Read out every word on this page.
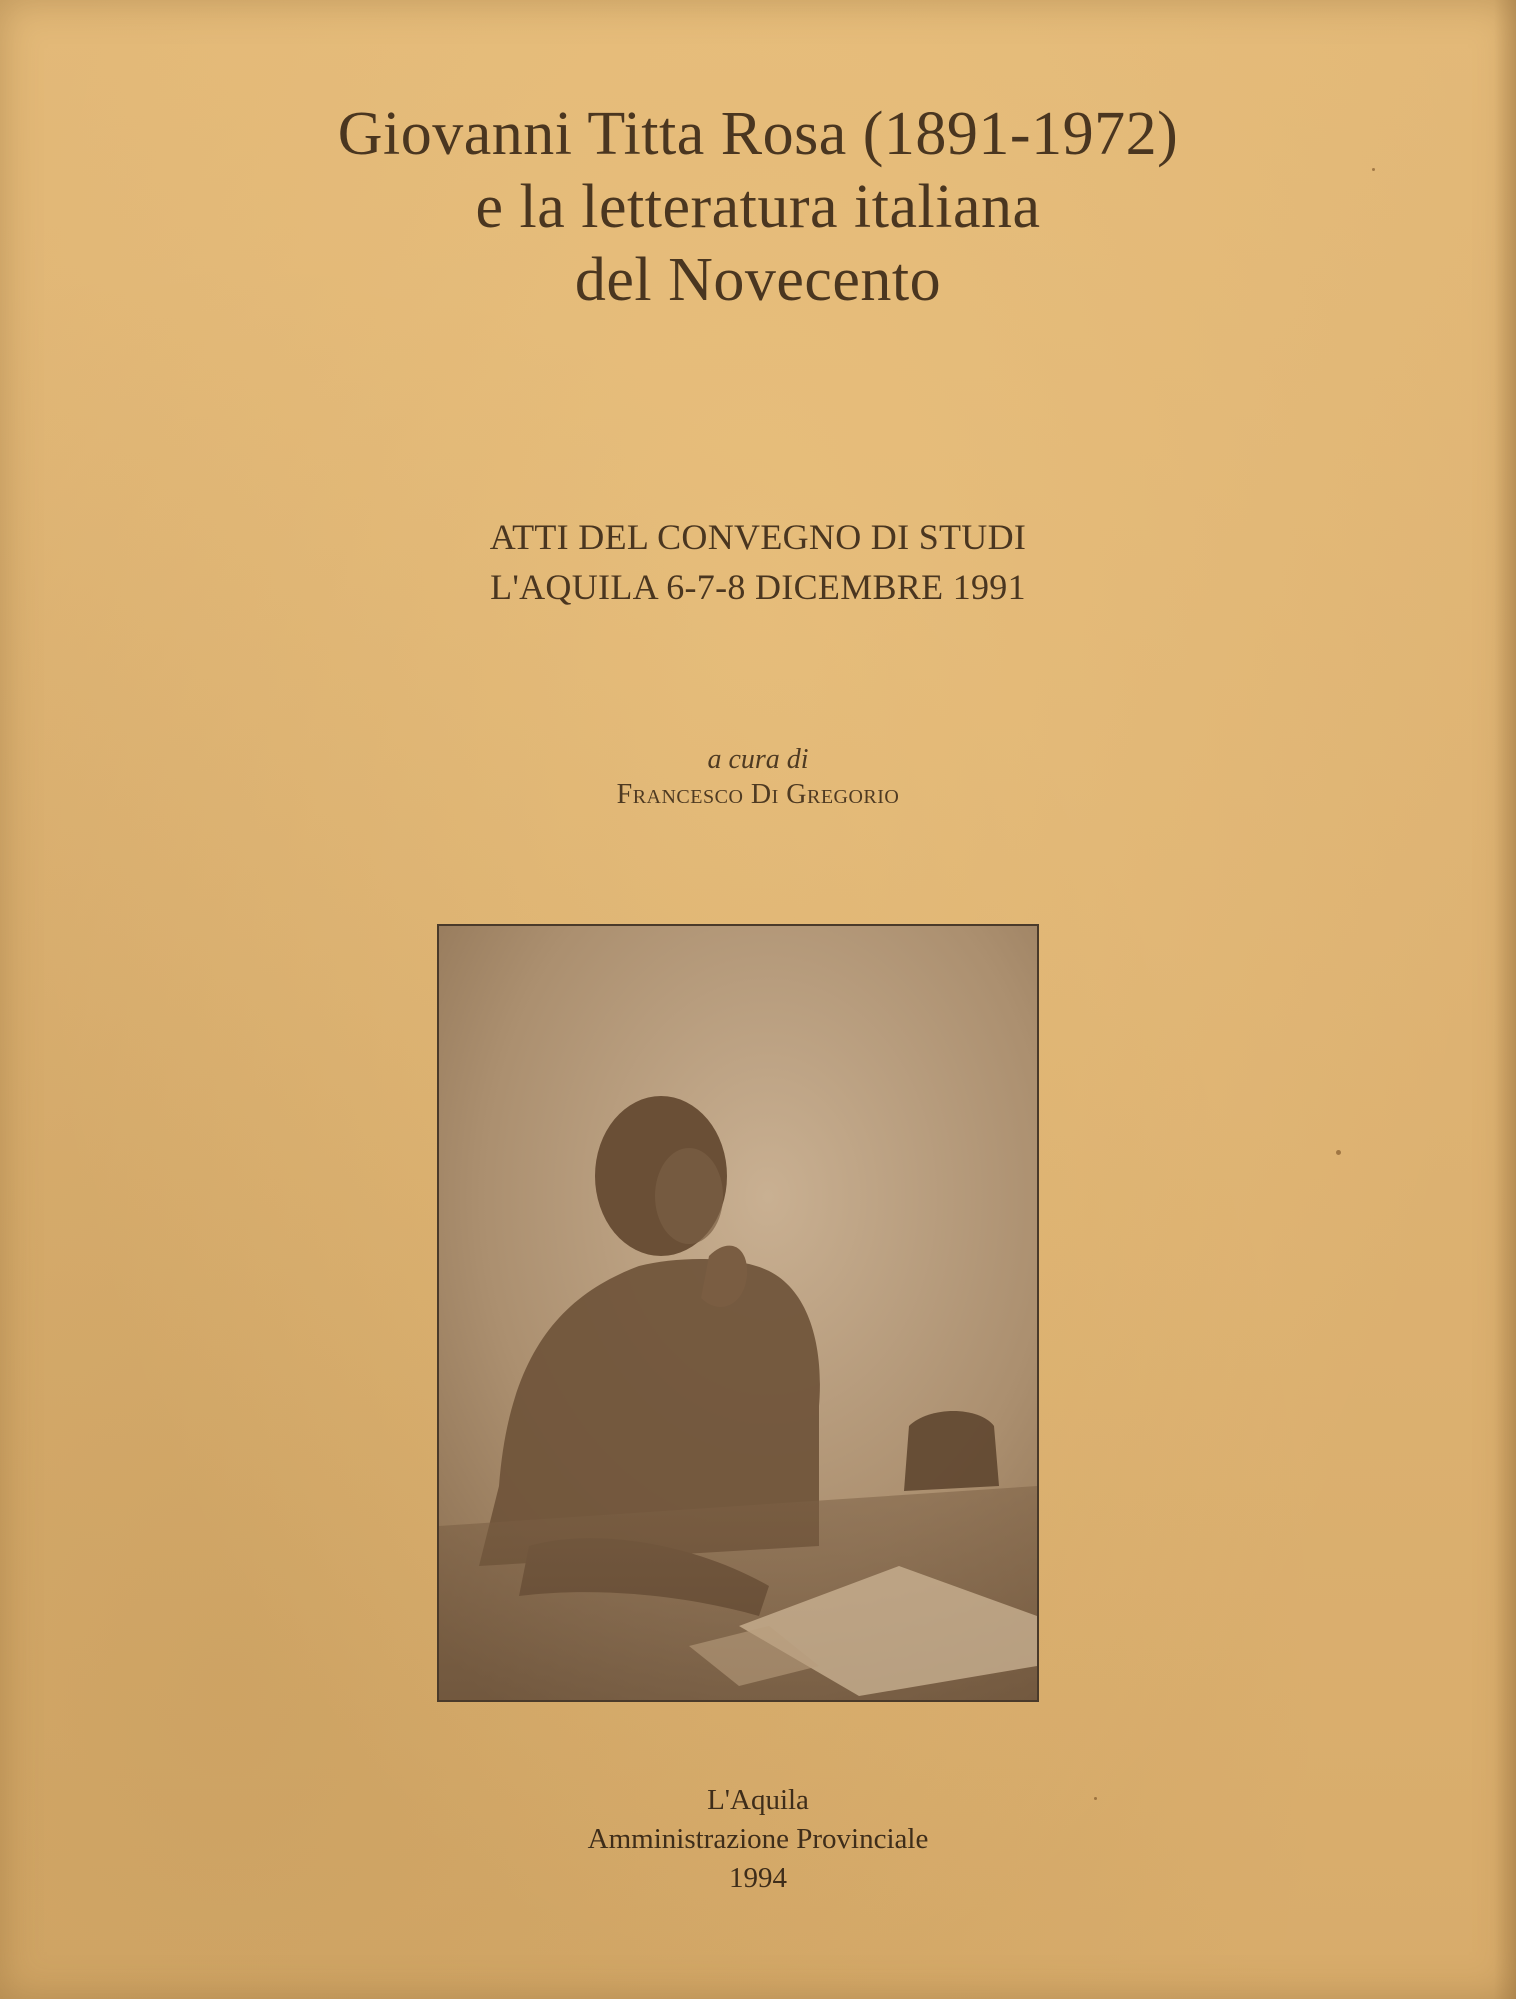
Giovanni Titta Rosa (1891-1972)
e la letteratura italiana
del Novecento
ATTI DEL CONVEGNO DI STUDI
L'AQUILA 6-7-8 DICEMBRE 1991
a cura di
Francesco Di Gregorio
L'Aquila
Amministrazione Provinciale
1994
